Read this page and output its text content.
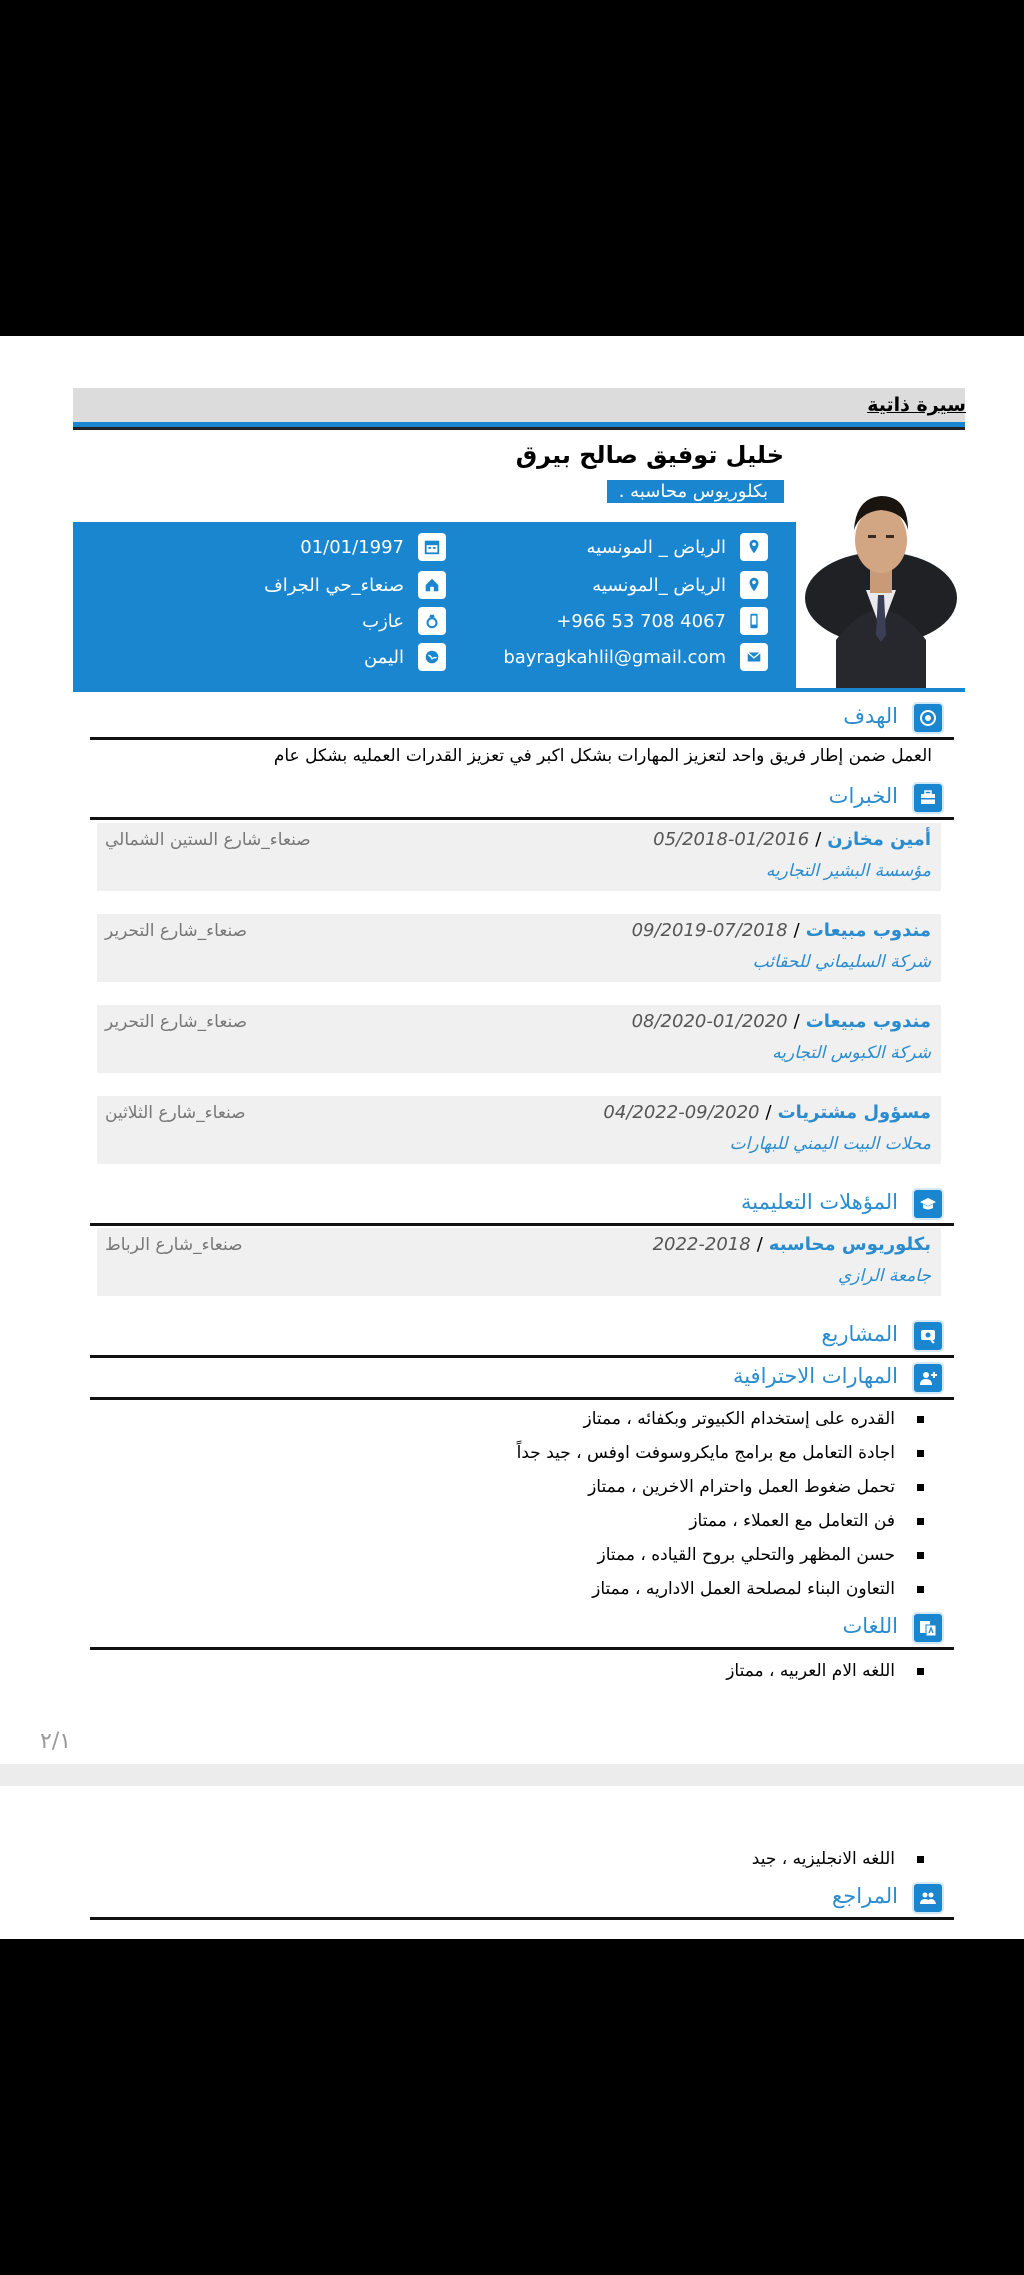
سيرة ذاتية
خليل توفيق صالح بيرق
بكلوريوس محاسبه .
الرياض _ المونسيه
الرياض _المونسيه
+966 53 708 4067
bayragkahlil@gmail.com
01/01/1997
صنعاء_حي الجراف
عازب
اليمن
الهدف
العمل ضمن إطار فريق واحد لتعزيز المهارات بشكل اكبر في تعزيز القدرات العمليه بشكل عام
الخبرات
أمين مخازن
/
05/2018-01/2016
صنعاء_شارع الستين الشمالي
مؤسسة البشير التجاريه
مندوب مبيعات
/
09/2019-07/2018
صنعاء_شارع التحرير
شركة السليماني للحقائب
مندوب مبيعات
/
08/2020-01/2020
صنعاء_شارع التحرير
شركة الكبوس التجاريه
مسؤول مشتريات
/
04/2022-09/2020
صنعاء_شارع الثلاثين
محلات البيت اليمني للبهارات
المؤهلات التعليمية
بكلوريوس محاسبه
/
2022-2018
صنعاء_شارع الرباط
جامعة الرازي
المشاريع
المهارات الاحترافية
القدره على إستخدام الكبيوتر وبكفائه ، ممتاز
اجادة التعامل مع برامج مايكروسوفت اوفس ، جيد جداً
تحمل ضغوط العمل واحترام الاخرين ، ممتاز
فن التعامل مع العملاء ، ممتاز
حسن المظهر والتحلي بروح القياده ، ممتاز
التعاون البناء لمصلحة العمل الاداريه ، ممتاز
اللغات
اللغه الام العربيه ، ممتاز
٢/١
اللغه الانجليزيه ، جيد
المراجع
